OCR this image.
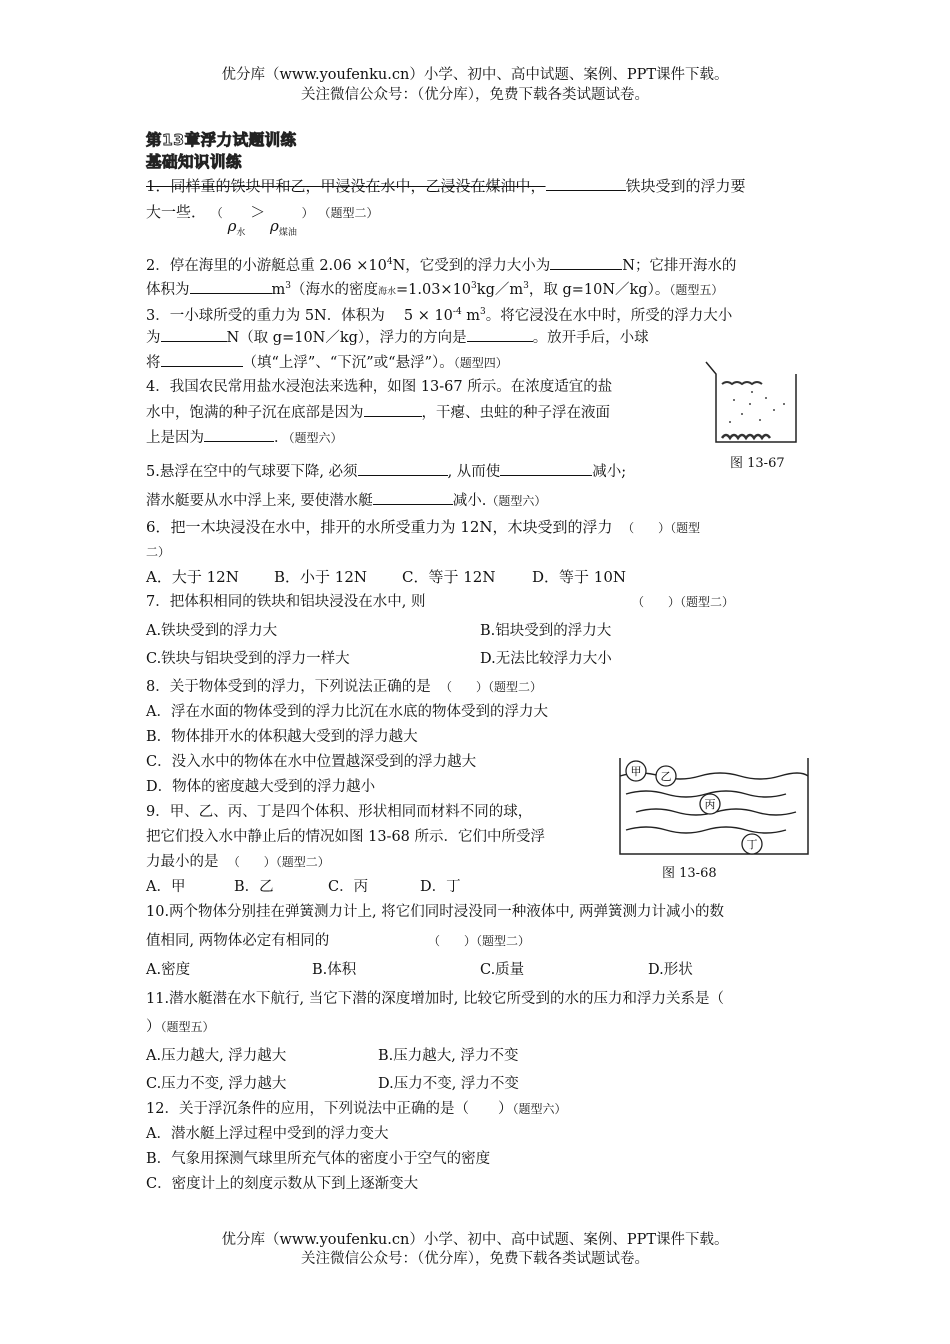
优分库（www.youfenku.cn）小学、初中、高中试题、案例、PPT课件下载。
关注微信公众号：（优分库），免费下载各类试题试卷。
第13章浮力试题训练
基础知识训练
1．同样重的铁块甲和乙，甲浸没在水中，乙浸没在煤油中，	铁块受到的浮力要
大一些． （ $\rho_水 > \rho_{煤油}$ ） （题型二）
2．停在海里的小游艇总重 $2.06 \times 10^4N$，它受到的浮力大小为	N；它排开海水的
体积为	$m^3$（海水的密度海水$=1.03\times 10^3kg/m^3$，取 g=10N／kg）。（题型五）
3．一小球所受的重力为 5N．体积为 　$5 \times 10^{-4}$ $m^3$。将它浸没在水中时，所受的浮力大小
为	N（取 g=10N／kg），浮力的方向是	。放开手后，小球
将	（填“上浮”、“下沉”或“悬浮”）。（题型四）
图 13-67
4．我国农民常用盐水浸泡法来选种，如图 13-67 所示。在浓度适宜的盐
水中，饱满的种子沉在底部是因为	，干瘪、虫蛀的种子浮在液面
上是因为	．（题型六）
5.悬浮在空中的气球要下降, 必须	, 从而使	减小;
潜水艇要从水中浮上来, 要使潜水艇	减小.（题型六）
6．把一木块浸没在水中，排开的水所受重力为 12N，木块受到的浮力 （　　）（题型
二）
A．大于 12N B．小于 12N C．等于 12N D．等于 10N
7．把体积相同的铁块和铝块浸没在水中, 则	（　　）（题型二）
A.铁块受到的浮力大	B.铝块受到的浮力大
C.铁块与铝块受到的浮力一样大	D.无法比较浮力大小
8．关于物体受到的浮力，下列说法正确的是 （　　）（题型二）
A．浮在水面的物体受到的浮力比沉在水底的物体受到的浮力大
B．物体排开水的体积越大受到的浮力越大
C．没入水中的物体在水中位置越深受到的浮力越大
D．物体的密度越大受到的浮力越小
甲 乙
丙
丁
图 13-68
9．甲、乙、丙、丁是四个体积、形状相同而材料不同的球，
把它们投入水中静止后的情况如图 13-68 所示．它们中所受浮
力最小的是 （　　）（题型二）
A．甲	B．乙	C．丙	D．丁
10.两个物体分别挂在弹簧测力计上, 将它们同时浸没同一种液体中, 两弹簧测力计减小的数
值相同, 两物体必定有相同的	（　　）（题型二）
A.密度	B.体积	C.质量	D.形状
11.潜水艇潜在水下航行, 当它下潜的深度增加时, 比较它所受到的水的压力和浮力关系是（
）（题型五）
A.压力越大, 浮力越大	B.压力越大, 浮力不变
C.压力不变, 浮力越大	D.压力不变, 浮力不变
12．关于浮沉条件的应用，下列说法中正确的是（　　）（题型六）
A．潜水艇上浮过程中受到的浮力变大
B．气象用探测气球里所充气体的密度小于空气的密度
C．密度计上的刻度示数从下到上逐渐变大
优分库（www.youfenku.cn）小学、初中、高中试题、案例、PPT课件下载。
关注微信公众号：（优分库），免费下载各类试题试卷。
